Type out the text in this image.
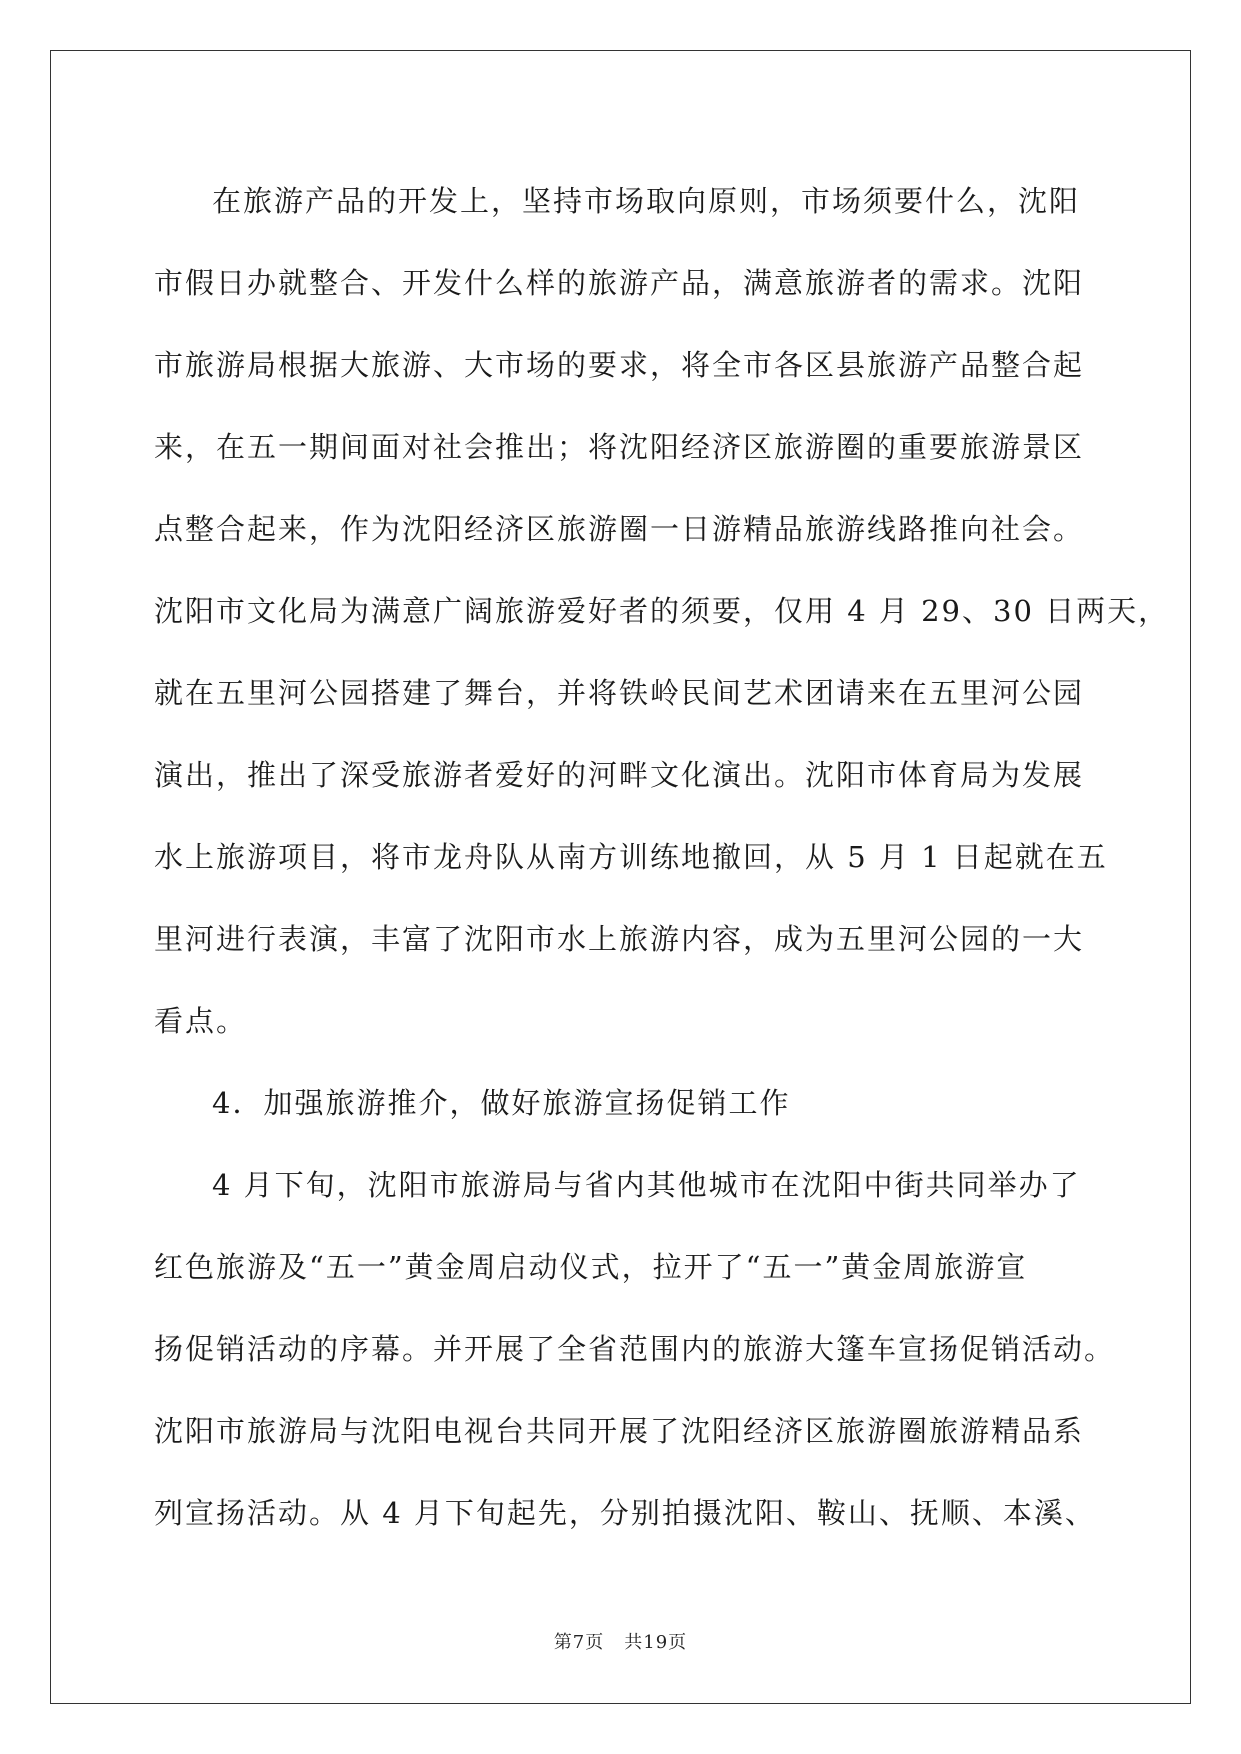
在旅游产品的开发上，坚持市场取向原则，市场须要什么，沈阳
市假日办就整合、开发什么样的旅游产品，满意旅游者的需求。沈阳
市旅游局根据大旅游、大市场的要求，将全市各区县旅游产品整合起
来，在五一期间面对社会推出；将沈阳经济区旅游圈的重要旅游景区
点整合起来，作为沈阳经济区旅游圈一日游精品旅游线路推向社会。
沈阳市文化局为满意广阔旅游爱好者的须要，仅用 4 月 29、30 日两天，
就在五里河公园搭建了舞台，并将铁岭民间艺术团请来在五里河公园
演出，推出了深受旅游者爱好的河畔文化演出。沈阳市体育局为发展
水上旅游项目，将市龙舟队从南方训练地撤回，从 5 月 1 日起就在五
里河进行表演，丰富了沈阳市水上旅游内容，成为五里河公园的一大
看点。
4．加强旅游推介，做好旅游宣扬促销工作
4 月下旬，沈阳市旅游局与省内其他城市在沈阳中街共同举办了
红色旅游及“五一”黄金周启动仪式，拉开了“五一”黄金周旅游宣
扬促销活动的序幕。并开展了全省范围内的旅游大篷车宣扬促销活动。
沈阳市旅游局与沈阳电视台共同开展了沈阳经济区旅游圈旅游精品系
列宣扬活动。从 4 月下旬起先，分别拍摄沈阳、鞍山、抚顺、本溪、
第7页 共19页
